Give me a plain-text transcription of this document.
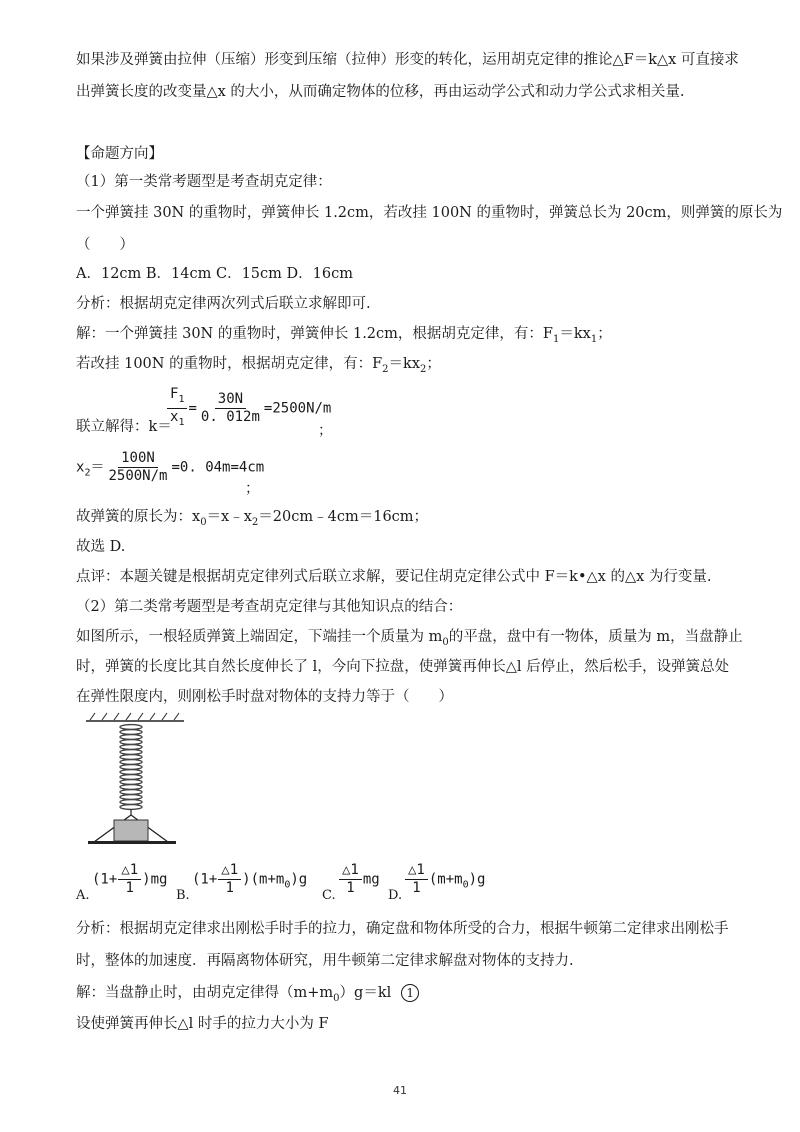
如果涉及弹簧由拉伸（压缩）形变到压缩（拉伸）形变的转化，运用胡克定律的推论△F＝k△x 可直接求
出弹簧长度的改变量△x 的大小，从而确定物体的位移，再由运动学公式和动力学公式求相关量.
【命题方向】
（1）第一类常考题型是考查胡克定律：
一个弹簧挂 30N 的重物时，弹簧伸长 1.2cm，若改挂 100N 的重物时，弹簧总长为 20cm，则弹簧的原长为
（　　）
A．12cm B．14cm C．15cm D．16cm
分析：根据胡克定律两次列式后联立求解即可.
解：一个弹簧挂 30N 的重物时，弹簧伸长 1.2cm，根据胡克定律，有：$F_1=kx_1$；
若改挂 100N 的重物时，根据胡克定律，有：$F_2=kx_2$；
联立解得：k＝
$\frac{F_1}{x_1} = \frac{30N}{0. 012m} =2500N/m$
；
$x_2= \frac{100N}{2500N/m} =0$. 04m=4cm
；
故弹簧的原长为：$x_0=x﹣x_2=20cm﹣4cm=16cm$；
故选 D.
点评：本题关键是根据胡克定律列式后联立求解，要记住胡克定律公式中 F＝k•△x 的△x 为行变量.
（2）第二类常考题型是考查胡克定律与其他知识点的结合：
如图所示，一根轻质弹簧上端固定，下端挂一个质量为 $m_0$的平盘，盘中有一物体，质量为 m，当盘静止
时，弹簧的长度比其自然长度伸长了 l，今向下拉盘，使弹簧再伸长△l 后停止，然后松手，设弹簧总处
在弹性限度内，则刚松手时盘对物体的支持力等于（　　）
A.
$(1+ \frac{\triangle 1}{1} )mg$
B.
$(1+ \frac{\triangle 1}{1} )(m+m_0)g$
C. $\frac{\triangle 1}{1}$ mg
D. $\frac{\triangle 1}{1} (m+m_0)g$
分析：根据胡克定律求出刚松手时手的拉力，确定盘和物体所受的合力，根据牛顿第二定律求出刚松手
时，整体的加速度．再隔离物体研究，用牛顿第二定律求解盘对物体的支持力.
解：当盘静止时，由胡克定律得$(m+m_0)g=kl$ 1
设使弹簧再伸长△l 时手的拉力大小为 F
41
